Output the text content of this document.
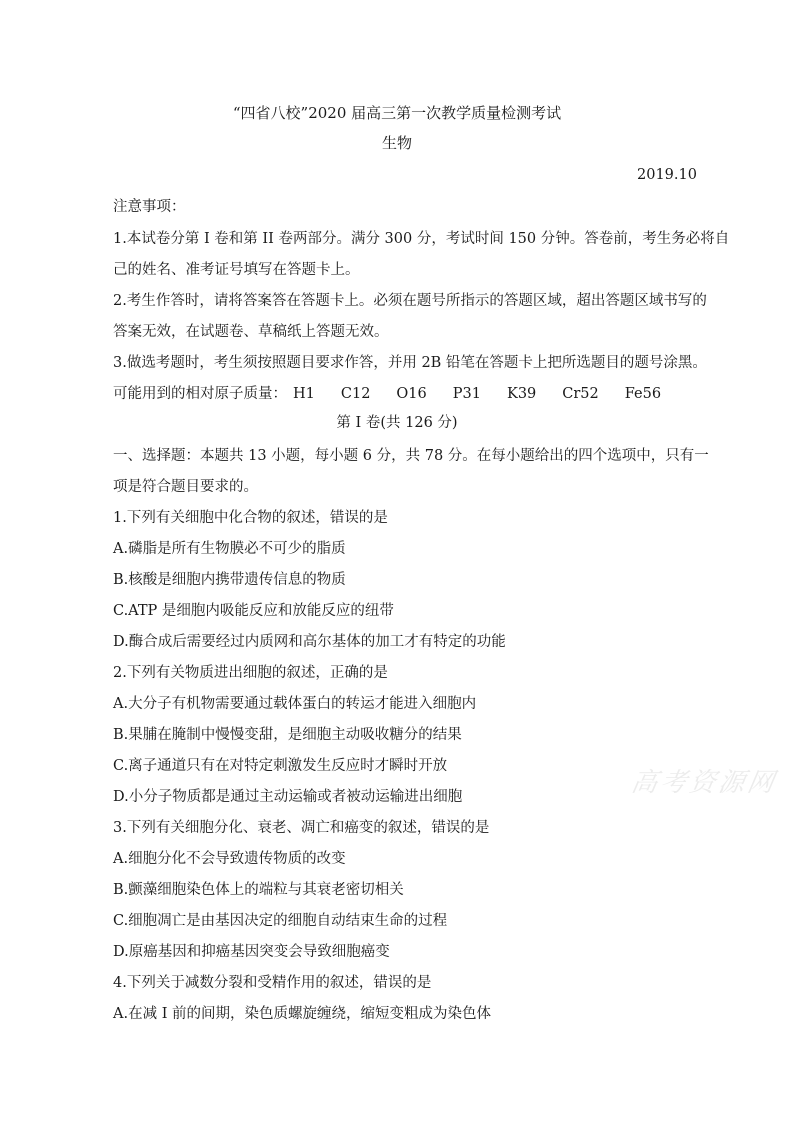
“四省八校”2020 届高三第一次教学质量检测考试
生物
2019.10
注意事项：
1.本试卷分第 I 卷和第 II 卷两部分。满分 300 分，考试时间 150 分钟。答卷前，考生务必将自
己的姓名、准考证号填写在答题卡上。
2.考生作答时，请将答案答在答题卡上。必须在题号所指示的答题区域，超出答题区域书写的
答案无效，在试题卷、草稿纸上答题无效。
3.做选考题时，考生须按照题目要求作答，并用 2B 铅笔在答题卡上把所选题目的题号涂黑。
可能用到的相对原子质量： H1 C12 O16 P31 K39 Cr52 Fe56
第 I 卷(共 126 分)
一、选择题：本题共 13 小题，每小题 6 分，共 78 分。在每小题给出的四个选项中，只有一
项是符合题目要求的。
1.下列有关细胞中化合物的叙述，错误的是
A.磷脂是所有生物膜必不可少的脂质
B.核酸是细胞内携带遗传信息的物质
C.ATP 是细胞内吸能反应和放能反应的纽带
D.酶合成后需要经过内质网和高尔基体的加工才有特定的功能
2.下列有关物质进出细胞的叙述，正确的是
A.大分子有机物需要通过载体蛋白的转运才能进入细胞内
B.果脯在腌制中慢慢变甜，是细胞主动吸收糖分的结果
C.离子通道只有在对特定刺激发生反应时才瞬时开放
D.小分子物质都是通过主动运输或者被动运输进出细胞
3.下列有关细胞分化、衰老、凋亡和癌变的叙述，错误的是
A.细胞分化不会导致遗传物质的改变
B.颤藻细胞染色体上的端粒与其衰老密切相关
C.细胞凋亡是由基因决定的细胞自动结束生命的过程
D.原癌基因和抑癌基因突变会导致细胞癌变
4.下列关于减数分裂和受精作用的叙述，错误的是
A.在减 I 前的间期，染色质螺旋缠绕，缩短变粗成为染色体
高考资源网
